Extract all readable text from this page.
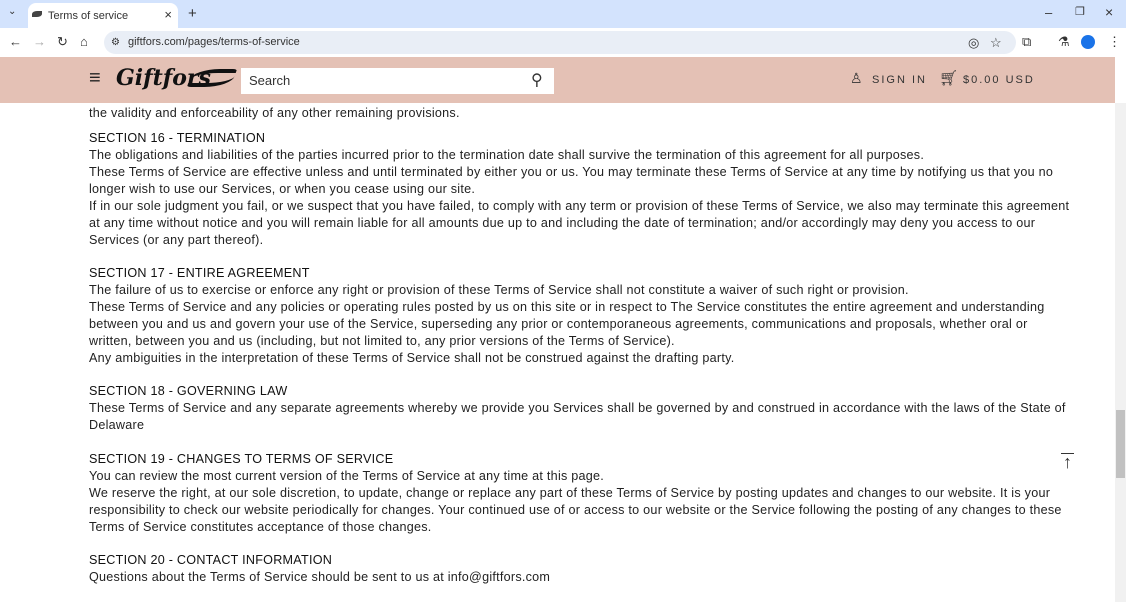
⌄	Terms of service	× +	– ❐ ×
← → ↻ ⌂ ⚙ giftfors.com/pages/terms-of-service	◎ ☆ ⧉ ⚗	⋮
≡ Giftfors	Search	⚲	♙ SIGN IN 🛒︎ $0.00 USD
the validity and enforceability of any other remaining provisions.
SECTION 16 - TERMINATION
The obligations and liabilities of the parties incurred prior to the termination date shall survive the termination of this agreement for all purposes.
These Terms of Service are effective unless and until terminated by either you or us. You may terminate these Terms of Service at any time by notifying us that you no
longer wish to use our Services, or when you cease using our site.
If in our sole judgment you fail, or we suspect that you have failed, to comply with any term or provision of these Terms of Service, we also may terminate this agreement
at any time without notice and you will remain liable for all amounts due up to and including the date of termination; and/or accordingly may deny you access to our
Services (or any part thereof).
SECTION 17 - ENTIRE AGREEMENT
The failure of us to exercise or enforce any right or provision of these Terms of Service shall not constitute a waiver of such right or provision.
These Terms of Service and any policies or operating rules posted by us on this site or in respect to The Service constitutes the entire agreement and understanding
between you and us and govern your use of the Service, superseding any prior or contemporaneous agreements, communications and proposals, whether oral or
written, between you and us (including, but not limited to, any prior versions of the Terms of Service).
Any ambiguities in the interpretation of these Terms of Service shall not be construed against the drafting party.
SECTION 18 - GOVERNING LAW
These Terms of Service and any separate agreements whereby we provide you Services shall be governed by and construed in accordance with the laws of the State of
Delaware
SECTION 19 - CHANGES TO TERMS OF SERVICE
You can review the most current version of the Terms of Service at any time at this page.
We reserve the right, at our sole discretion, to update, change or replace any part of these Terms of Service by posting updates and changes to our website. It is your
responsibility to check our website periodically for changes. Your continued use of or access to our website or the Service following the posting of any changes to these
Terms of Service constitutes acceptance of those changes.
SECTION 20 - CONTACT INFORMATION
Questions about the Terms of Service should be sent to us at info@giftfors.com
↑
